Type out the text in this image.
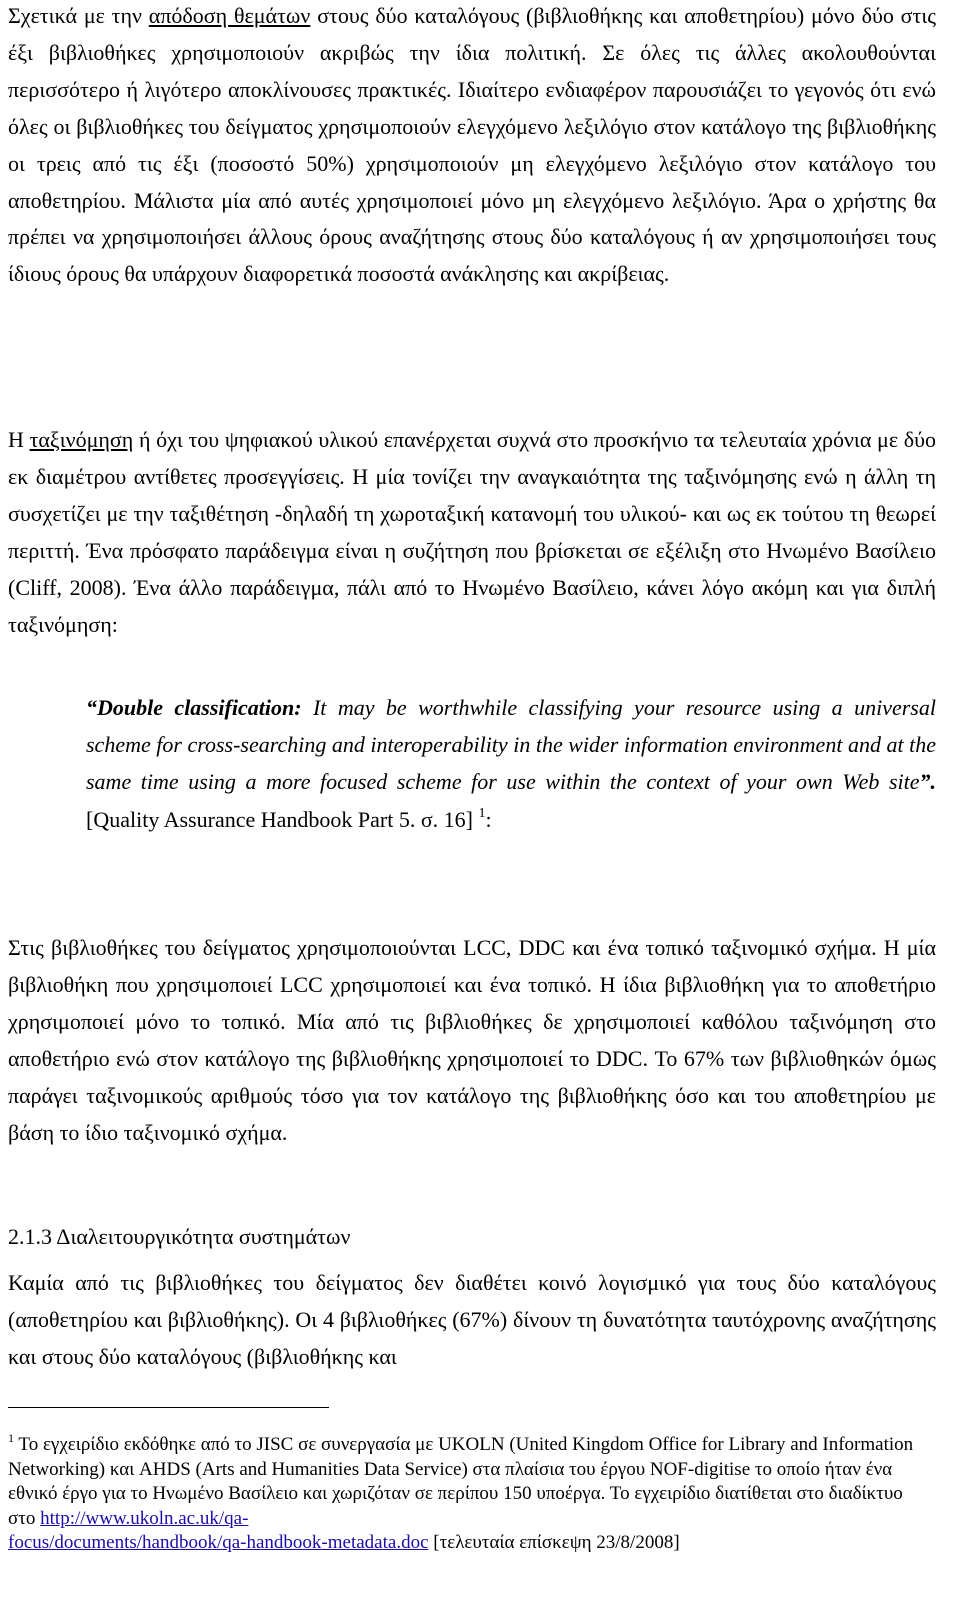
Σχετικά με την απόδοση θεμάτων στους δύο καταλόγους (βιβλιοθήκης και αποθετηρίου) μόνο δύο στις έξι βιβλιοθήκες χρησιμοποιούν ακριβώς την ίδια πολιτική. Σε όλες τις άλλες ακολουθούνται περισσότερο ή λιγότερο αποκλίνουσες πρακτικές. Ιδιαίτερο ενδιαφέρον παρουσιάζει το γεγονός ότι ενώ όλες οι βιβλιοθήκες του δείγματος χρησιμοποιούν ελεγχόμενο λεξιλόγιο στον κατάλογο της βιβλιοθήκης οι τρεις από τις έξι (ποσοστό 50%) χρησιμοποιούν μη ελεγχόμενο λεξιλόγιο στον κατάλογο του αποθετηρίου. Μάλιστα μία από αυτές χρησιμοποιεί μόνο μη ελεγχόμενο λεξιλόγιο. Άρα ο χρήστης θα πρέπει να χρησιμοποιήσει άλλους όρους αναζήτησης στους δύο καταλόγους ή αν χρησιμοποιήσει τους ίδιους όρους θα υπάρχουν διαφορετικά ποσοστά ανάκλησης και ακρίβειας.

Η ταξινόμηση ή όχι του ψηφιακού υλικού επανέρχεται συχνά στο προσκήνιο τα τελευταία χρόνια με δύο εκ διαμέτρου αντίθετες προσεγγίσεις. Η μία τονίζει την αναγκαιότητα της ταξινόμησης ενώ η άλλη τη συσχετίζει με την ταξιθέτηση -δηλαδή τη χωροταξική κατανομή του υλικού- και ως εκ τούτου τη θεωρεί περιττή. Ένα πρόσφατο παράδειγμα είναι η συζήτηση που βρίσκεται σε εξέλιξη στο Ηνωμένο Βασίλειο (Cliff, 2008). Ένα άλλο παράδειγμα, πάλι από το Ηνωμένο Βασίλειο, κάνει λόγο ακόμη και για διπλή ταξινόμηση:

“Double classification: It may be worthwhile classifying your resource using a universal scheme for cross-searching and interoperability in the wider information environment and at the same time using a more focused scheme for use within the context of your own Web site”. [Quality Assurance Handbook Part 5. σ. 16] $^1$:

Στις βιβλιοθήκες του δείγματος χρησιμοποιούνται LCC, DDC και ένα τοπικό ταξινομικό σχήμα. Η μία βιβλιοθήκη που χρησιμοποιεί LCC χρησιμοποιεί και ένα τοπικό. Η ίδια βιβλιοθήκη για το αποθετήριο χρησιμοποιεί μόνο το τοπικό. Μία από τις βιβλιοθήκες δε χρησιμοποιεί καθόλου ταξινόμηση στο αποθετήριο ενώ στον κατάλογο της βιβλιοθήκης χρησιμοποιεί το DDC. Το 67% των βιβλιοθηκών όμως παράγει ταξινομικούς αριθμούς τόσο για τον κατάλογο της βιβλιοθήκης όσο και του αποθετηρίου με βάση το ίδιο ταξινομικό σχήμα.

2.1.3 Διαλειτουργικότητα συστημάτων

Καμία από τις βιβλιοθήκες του δείγματος δεν διαθέτει κοινό λογισμικό για τους δύο καταλόγους (αποθετηρίου και βιβλιοθήκης). Οι 4 βιβλιοθήκες (67%) δίνουν τη δυνατότητα ταυτόχρονης αναζήτησης και στους δύο καταλόγους (βιβλιοθήκης και

$^1$ Το εγχειρίδιο εκδόθηκε από το JISC σε συνεργασία με UKOLN (United Kingdom Office for Library and Information Networking) και AHDS (Arts and Humanities Data Service) στα πλαίσια του έργου NOF-digitise το οποίο ήταν ένα εθνικό έργο για το Ηνωμένο Βασίλειο και χωριζόταν σε περίπου 150 υποέργα. Το εγχειρίδιο διατίθεται στο διαδίκτυο στο http://www.ukoln.ac.uk/qa-
focus/documents/handbook/qa-handbook-metadata.doc [τελευταία επίσκεψη 23/8/2008]
